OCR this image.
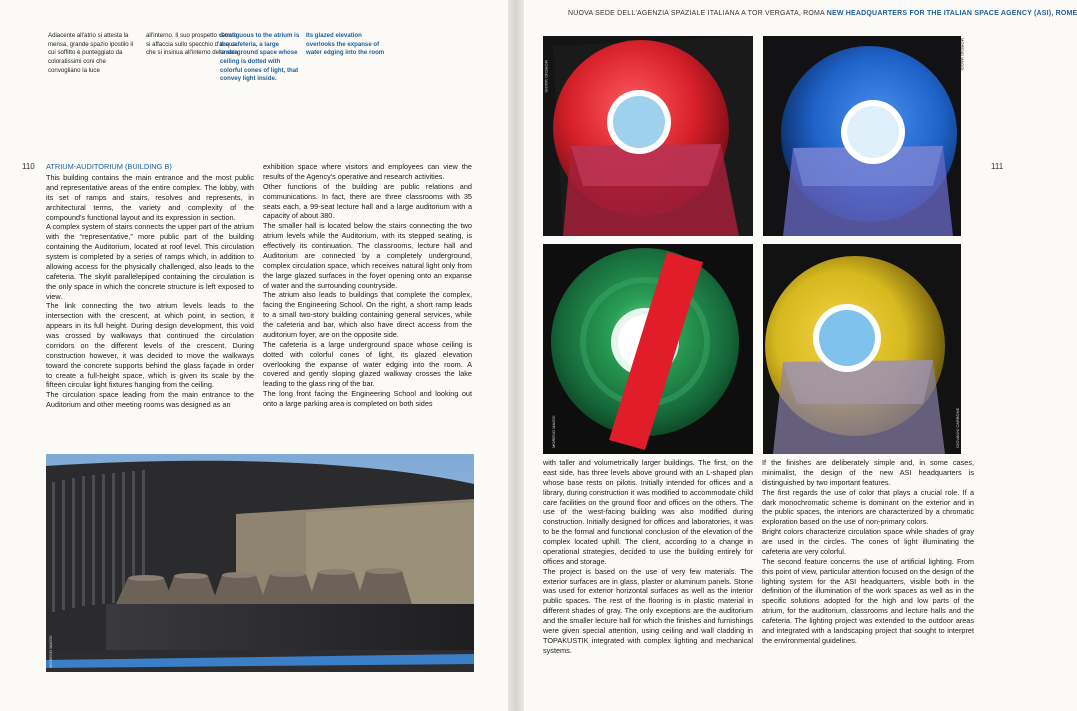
Adiacente all'atrio si attesta la mensa, grande spazio ipostilo il cui soffitto è punteggiato da coloratissimi coni che convogliano la luce
all'interno. Il suo prospetto vetrato si affaccia sullo specchio d'acqua che si insinua all'interno della sala
Contiguous to the atrium is the cafeteria, a large underground space whose ceiling is dotted with colorful cones of light, that convey light inside.
Its glazed elevation overlooks the expanse of water edging into the room
110 ATRIUM-AUDITORIUM (BUILDING B)

This building contains the main entrance and the most public and representative areas of the entire complex. The lobby, with its set of ramps and stairs, resolves and represents, in architectural terms, the variety and complexity of the compound's functional layout and its expression in section.

A complex system of stairs connects the upper part of the atrium with the “representative,” more public part of the building containing the Auditorium, located at roof level. This circulation system is completed by a series of ramps which, in addition to allowing access for the physically challenged, also leads to the cafeteria. The skylit parallelepiped containing the circulation is the only space in which the concrete structure is left exposed to view.

The link connecting the two atrium levels leads to the intersection with the crescent, at which point, in section, it appears in its full height. During design development, this void was crossed by walkways that continued the circulation corridors on the different levels of the crescent. During construction however, it was decided to move the walkways toward the concrete supports behind the glass façade in order to create a full-height space, which is given its scale by the fifteen circular light fixtures hanging from the ceiling.

The circulation space leading from the main entrance to the Auditorium and other meeting rooms was designed as an

exhibition space where visitors and employees can view the results of the Agency's operative and research activities.

Other functions of the building are public relations and communications. In fact, there are three classrooms with 35 seats each, a 99-seat lecture hall and a large auditorium with a capacity of about 380.

The smaller hall is located below the stairs connecting the two atrium levels while the Auditorium, with its stepped seating, is effectively its continuation. The classrooms, lecture hall and Auditorium are connected by a completely underground, complex circulation space, which receives natural light only from the large glazed surfaces in the foyer opening onto an expanse of water and the surrounding countryside.

The atrium also leads to buildings that complete the complex, facing the Engineering School. On the right, a short ramp leads to a small two-story building containing general services, while the cafeteria and bar, which also have direct access from the auditorium foyer, are on the opposite side.

The cafeteria is a large underground space whose ceiling is dotted with colorful cones of light, its glazed elevation overlooking the expanse of water edging into the room. A covered and gently sloping glazed walkway crosses the lake leading to the glass ring of the bar.

The long front facing the Engineering School and looking out onto a large parking area is completed on both sides

MORENO MAGGI
NUOVA SEDE DELL'AGENZIA SPAZIALE ITALIANA A TOR VERGATA, ROMA NEW HEADQUARTERS FOR THE ITALIAN SPACE AGENCY (ASI), ROME
111
MORENO MAGGI
MORENO MAGGI	GIOVANNI CARBONE
MORENO MAGGI

with taller and volumetrically larger buildings. The first, on the east side, has three levels above ground with an L-shaped plan whose base rests on pilotis. Initially intended for offices and a library, during construction it was modified to accommodate child care facilities on the ground floor and offices on the others. The use of the west-facing building was also modified during construction. Initially designed for offices and laboratories, it was to be the formal and functional conclusion of the elevation of the complex located uphill. The client, according to a change in operational strategies, decided to use the building entirely for offices and storage.

The project is based on the use of very few materials. The exterior surfaces are in glass, plaster or aluminum panels. Stone was used for exterior horizontal surfaces as well as the interior public spaces. The rest of the flooring is in plastic material in different shades of gray. The only exceptions are the auditorium and the smaller lecture hall for which the finishes and furnishings were given special attention, using ceiling and wall cladding in TOPAKUSTIK integrated with complex lighting and mechanical systems.

If the finishes are deliberately simple and, in some cases, minimalist, the design of the new ASI headquarters is distinguished by two important features.

The first regards the use of color that plays a crucial role. If a dark monochromatic scheme is dominant on the exterior and in the public spaces, the interiors are characterized by a chromatic exploration based on the use of non-primary colors.

Bright colors characterize circulation space while shades of gray are used in the circles. The cones of light illuminating the cafeteria are very colorful.

The second feature concerns the use of artificial lighting. From this point of view, particular attention focused on the design of the lighting system for the ASI headquarters, visible both in the definition of the illumination of the work spaces as well as in the specific solutions adopted for the high and low parts of the atrium, for the auditorium, classrooms and lecture halls and the cafeteria. The lighting project was extended to the outdoor areas and integrated with a landscaping project that sought to interpret the environmental guidelines.
